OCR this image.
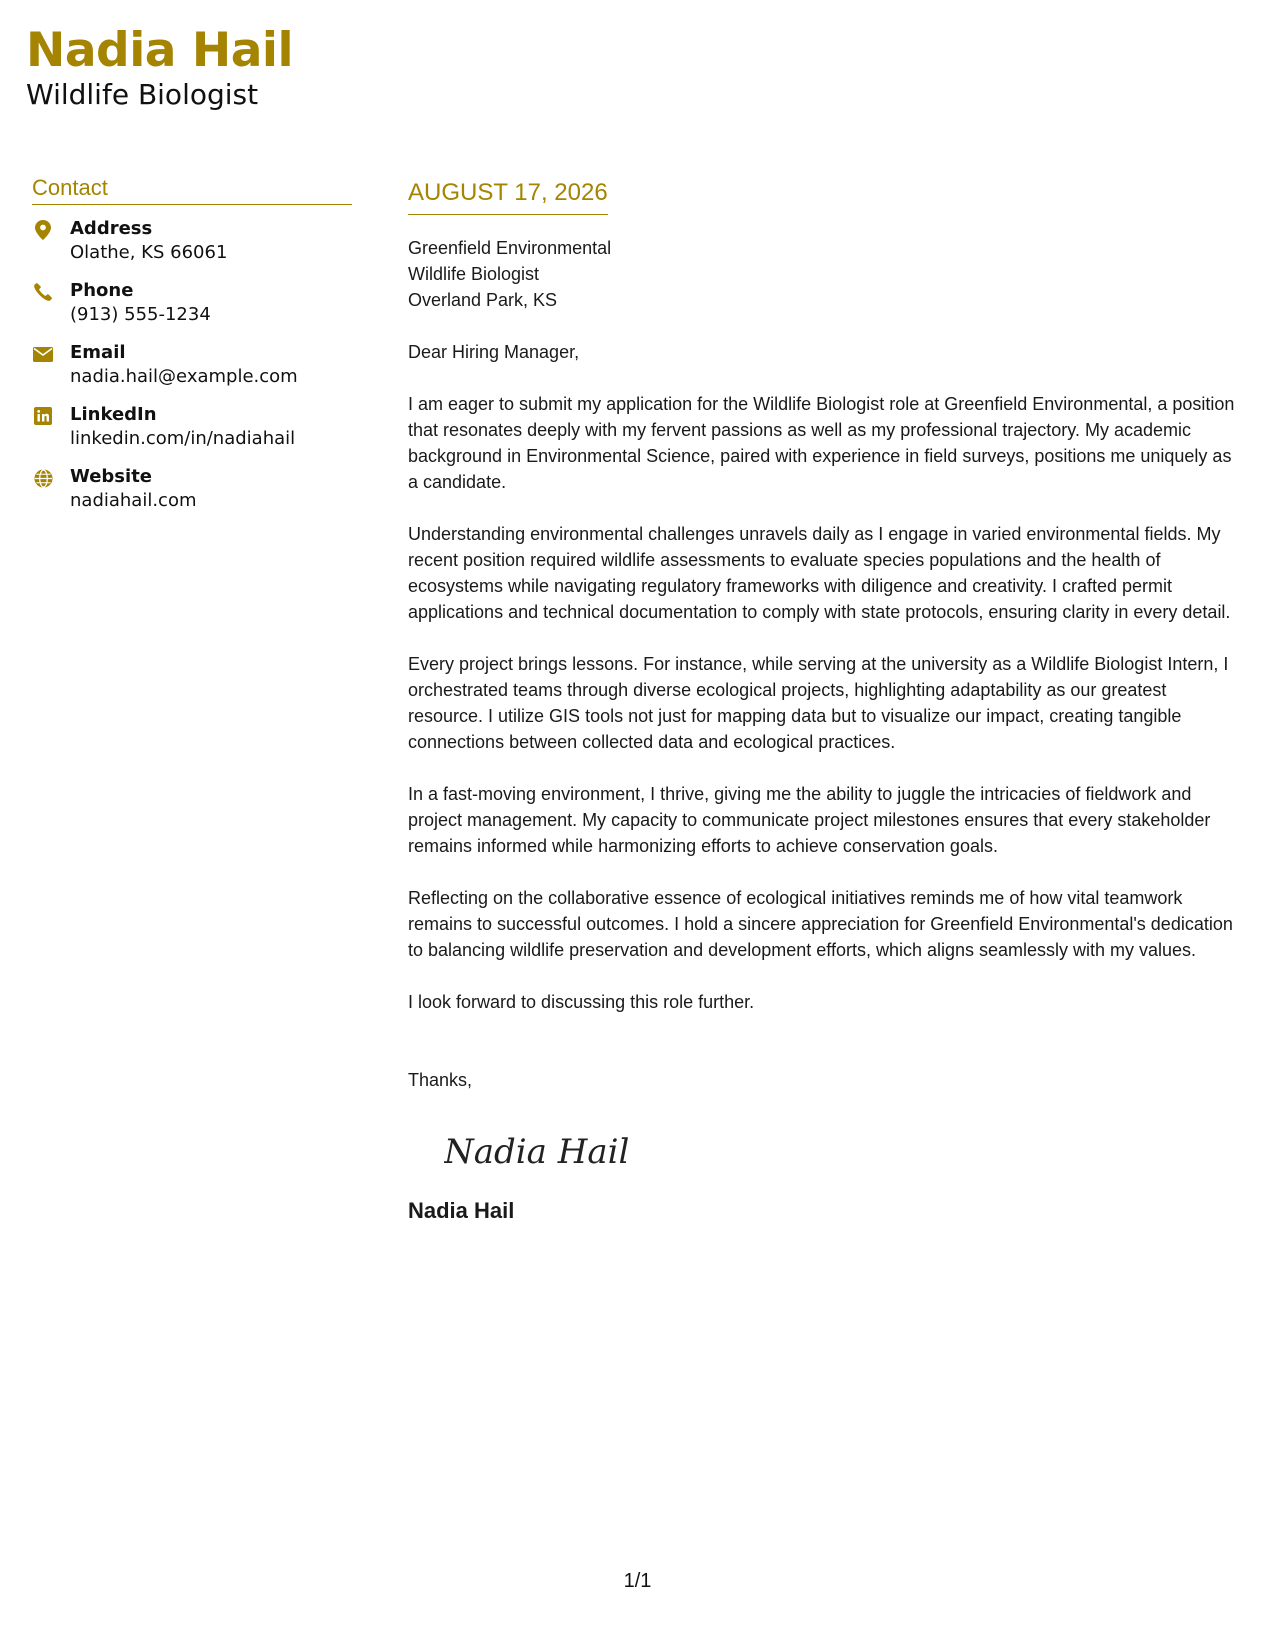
Nadia Hail
Wildlife Biologist
Contact
Address
Olathe, KS 66061
Phone
(913) 555-1234
Email
nadia.hail@example.com
LinkedIn
linkedin.com/in/nadiahail
Website
nadiahail.com
AUGUST 17, 2026
Greenfield Environmental
Wildlife Biologist
Overland Park, KS
Dear Hiring Manager,
I am eager to submit my application for the Wildlife Biologist role at Greenfield Environmental, a position that resonates deeply with my fervent passions as well as my professional trajectory. My academic background in Environmental Science, paired with experience in field surveys, positions me uniquely as a candidate.
Understanding environmental challenges unravels daily as I engage in varied environmental fields. My recent position required wildlife assessments to evaluate species populations and the health of ecosystems while navigating regulatory frameworks with diligence and creativity. I crafted permit applications and technical documentation to comply with state protocols, ensuring clarity in every detail.
Every project brings lessons. For instance, while serving at the university as a Wildlife Biologist Intern, I orchestrated teams through diverse ecological projects, highlighting adaptability as our greatest resource. I utilize GIS tools not just for mapping data but to visualize our impact, creating tangible connections between collected data and ecological practices.
In a fast-moving environment, I thrive, giving me the ability to juggle the intricacies of fieldwork and project management. My capacity to communicate project milestones ensures that every stakeholder remains informed while harmonizing efforts to achieve conservation goals.
Reflecting on the collaborative essence of ecological initiatives reminds me of how vital teamwork remains to successful outcomes. I hold a sincere appreciation for Greenfield Environmental's dedication to balancing wildlife preservation and development efforts, which aligns seamlessly with my values.
I look forward to discussing this role further.
Thanks,
Nadia Hail
Nadia Hail
1/1
